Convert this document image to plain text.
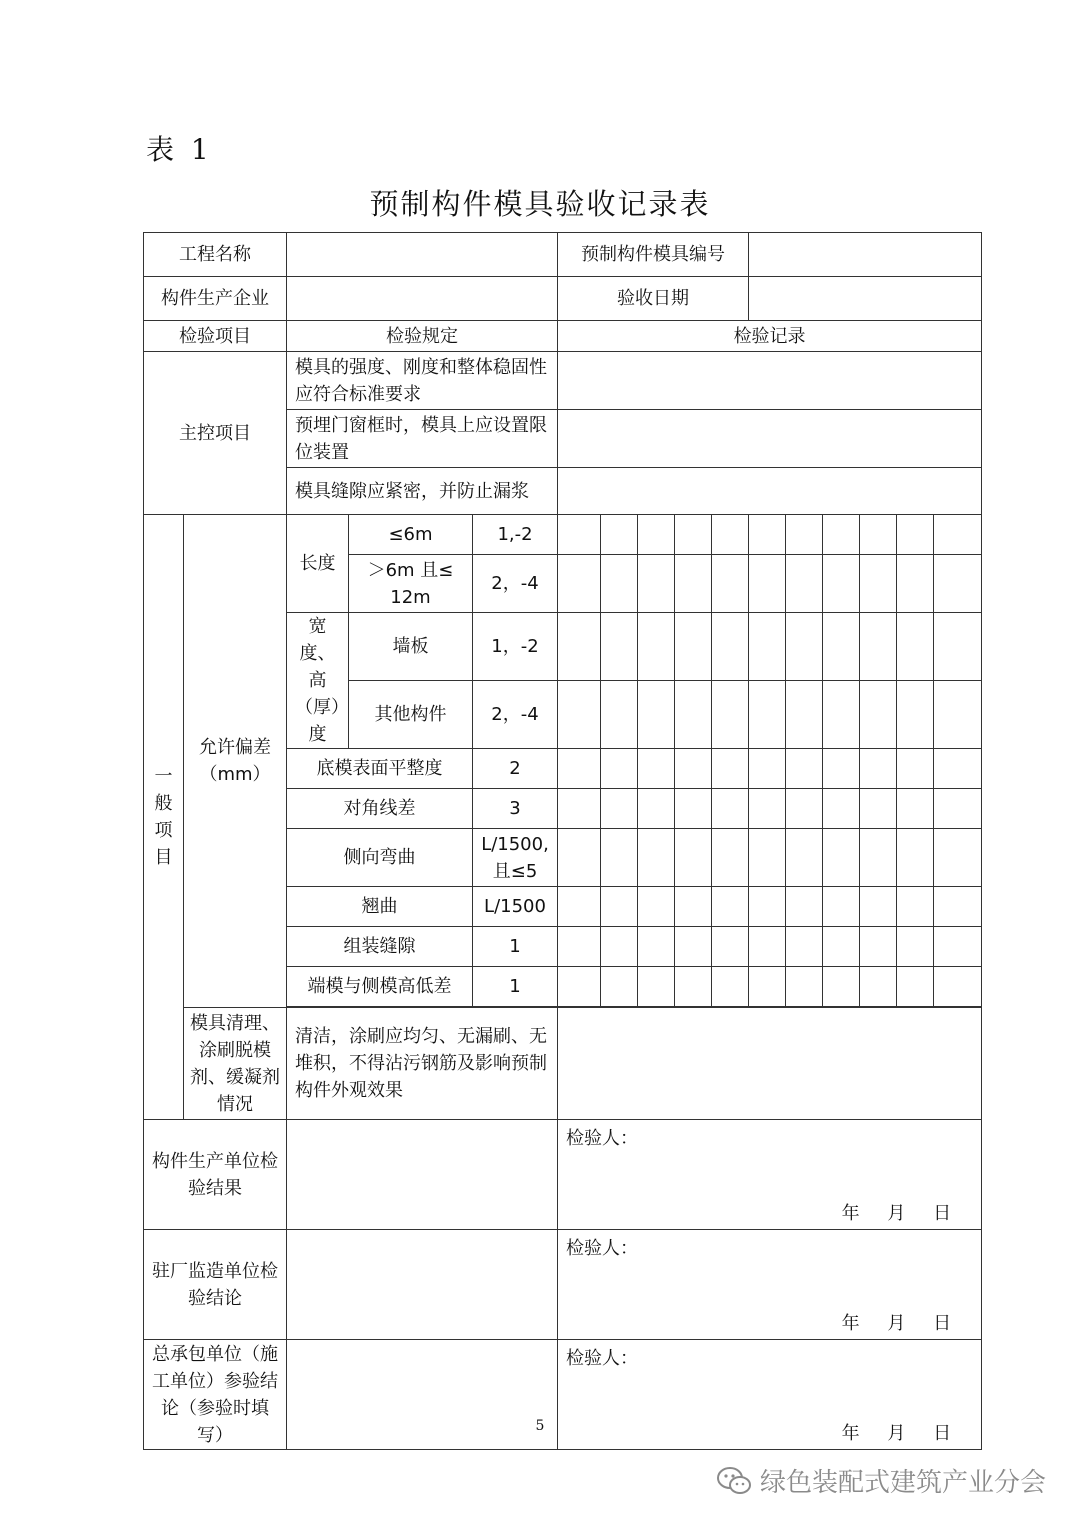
表 1
预制构件模具验收记录表
工程名称					预制构件模具编号										
构件生产企业					验收日期										
检验项目		检验规定			检验记录										
主控项目		模具的强度、刚度和整体稳固性应符合标准要求													
		预埋门窗框时，模具上应设置限位装置													
		模具缝隙应紧密，并防止漏浆													
一
般
项
目	允许偏差（mm）	长度	≤6m	1,-2											
			＞6m 且≤ 12m	2，-4											
		宽度、高（厚）度	墙板	1，-2											
			其他构件	2，-4											
		底模表面平整度		2											
		对角线差		3											
		侧向弯曲		L/1500, 且≤5											
		翘曲		L/1500											
		组装缝隙		1											
		端模与侧模高低差		1											

	模具清理、涂刷脱模剂、缓凝剂情况	清洁，涂刷应均匀、无漏刷、无堆积，不得沾污钢筋及影响预制构件外观效果													
构件生产单位检验结果					检验人：
年 月 日										

驻厂监造单位检验结论					检验人：
年 月 日										

总承包单位（施工单位）参验结论（参验时填写）					检验人：
年 月 日										
5
绿色装配式建筑产业分会
